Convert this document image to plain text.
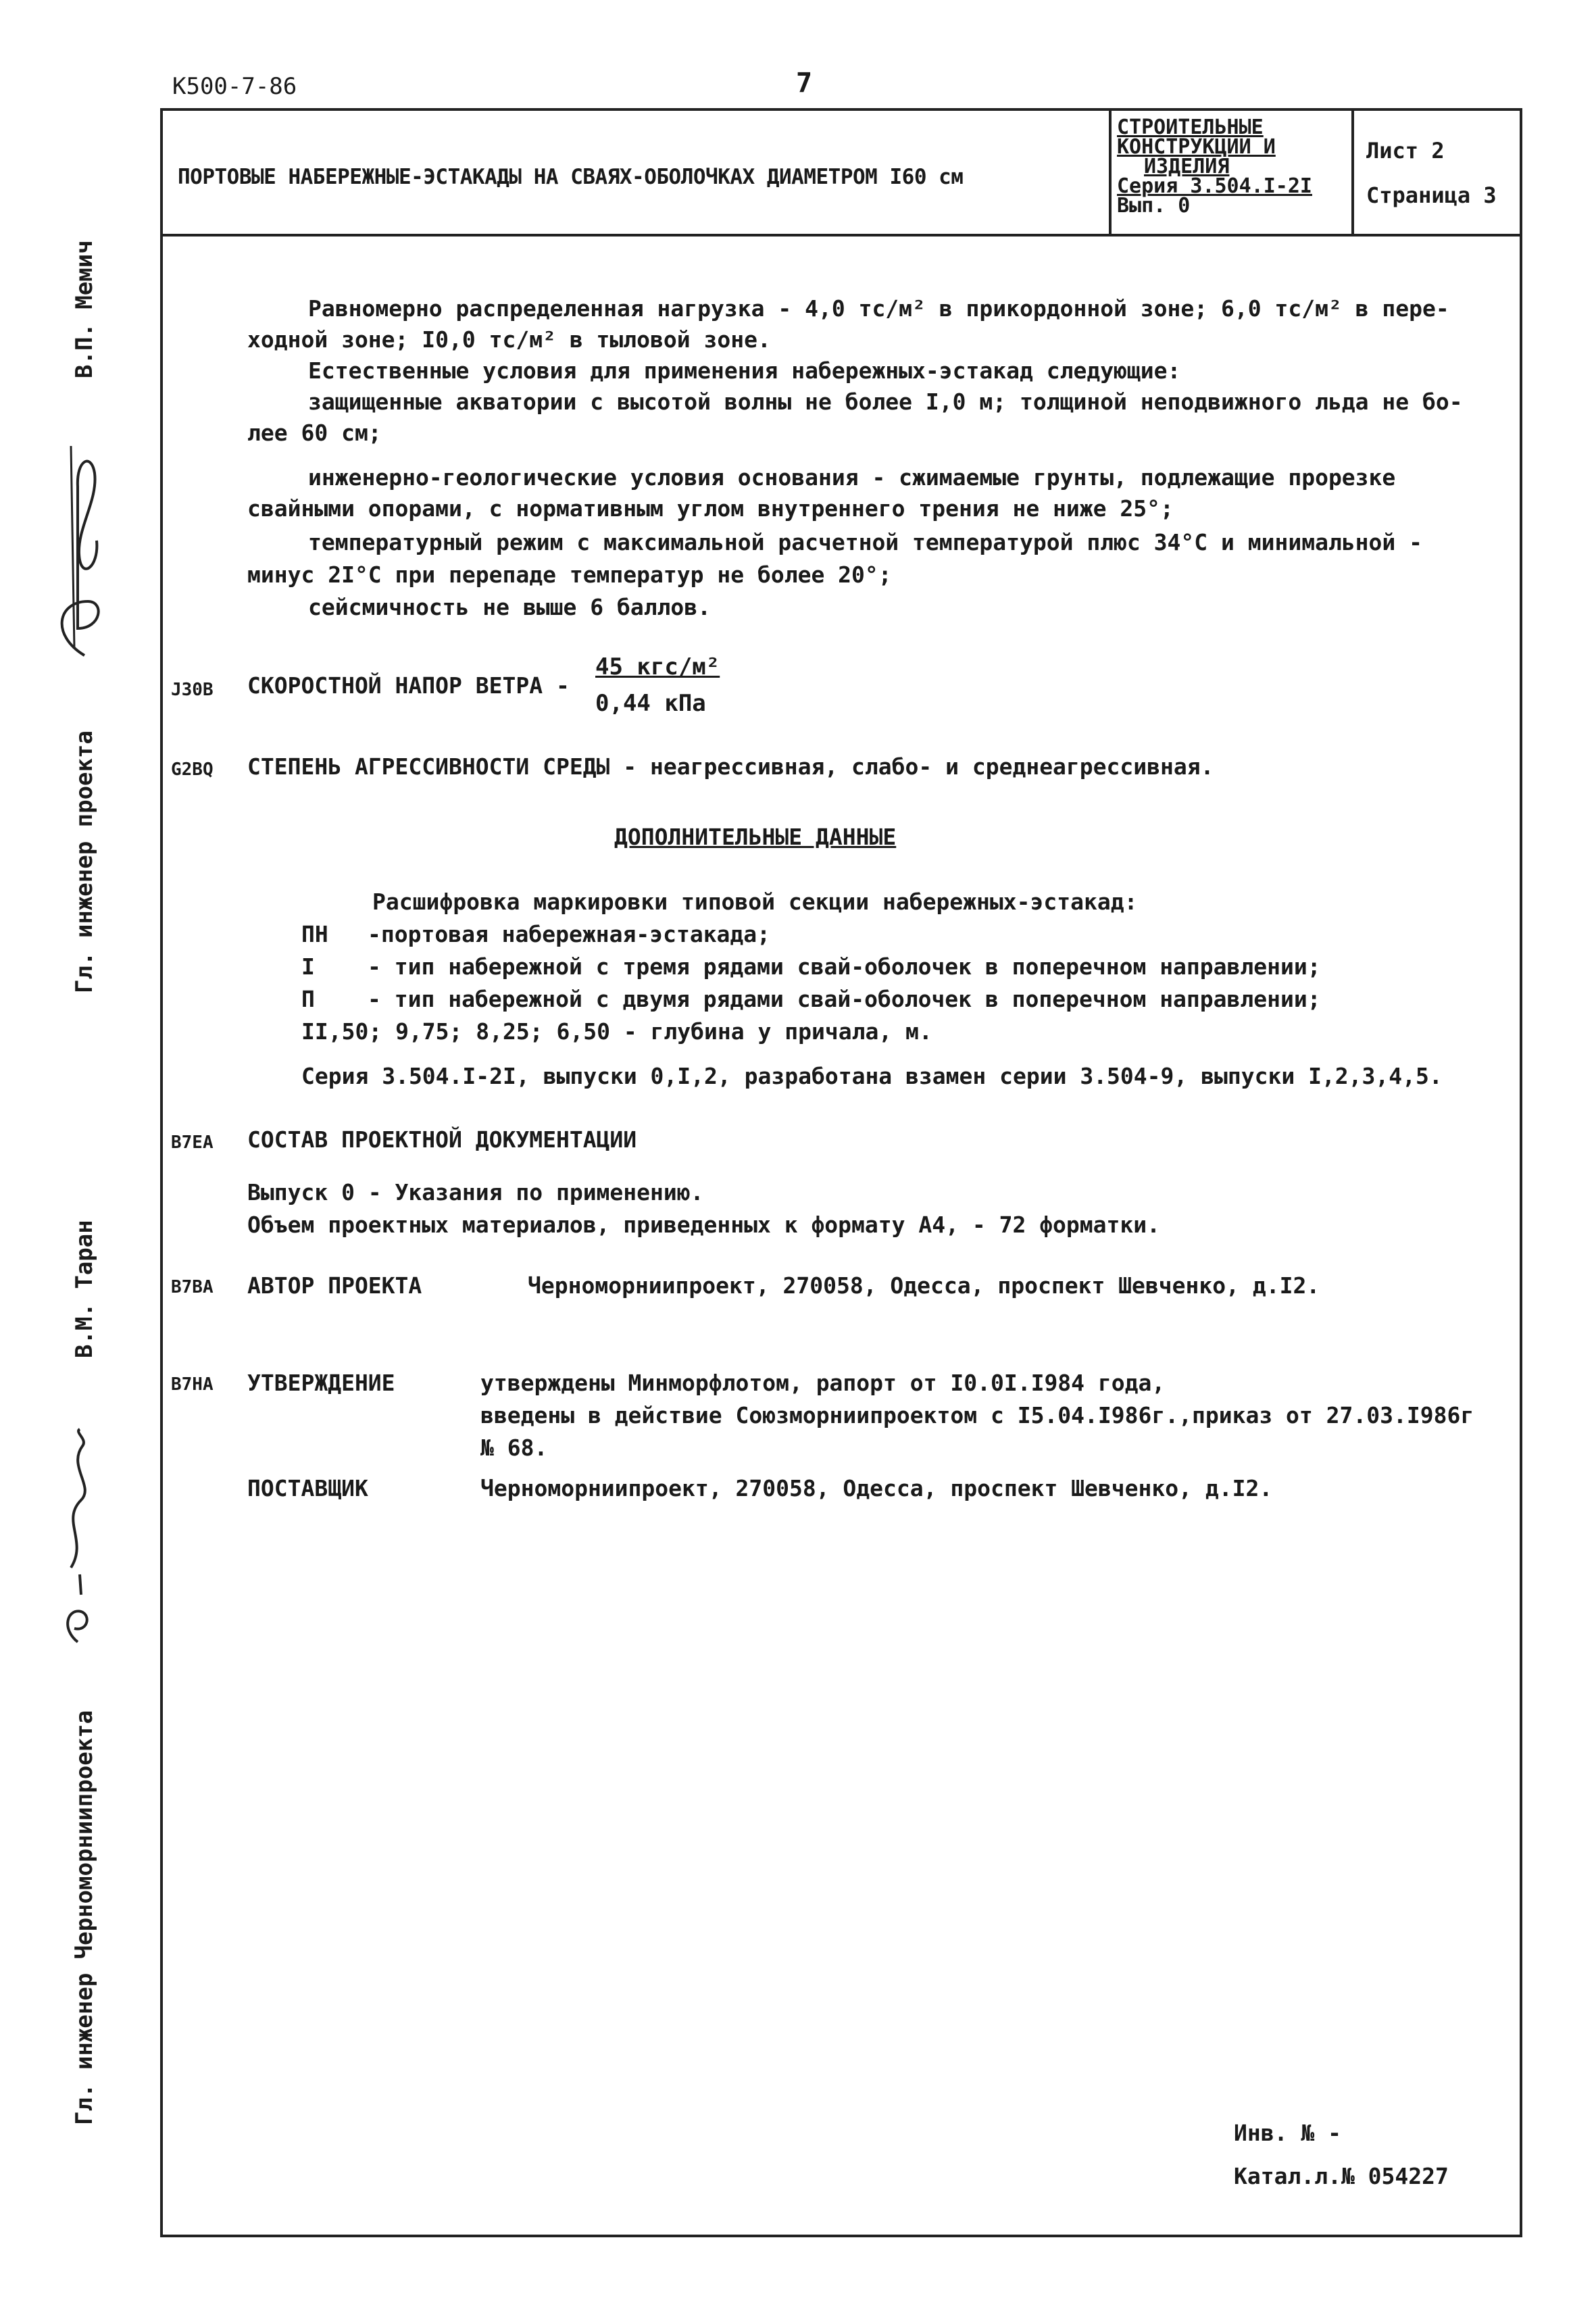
К500-7-86	7
В.П. Мемич
Гл. инженер проекта
В.М. Таран
Гл. инженер Черноморниипроекта
ПОРТОВЫЕ НАБЕРЕЖНЫЕ-ЭСТАКАДЫ НА СВАЯХ-ОБОЛОЧКАХ ДИАМЕТРОМ I60 см
СТРОИТЕЛЬНЫЕ
КОНСТРУКЦИИ И
ИЗДЕЛИЯ
Серия 3.504.I-2I
Вып. 0
Лист 2
Страница 3
Равномерно распределенная нагрузка - 4,0 тс/м² в прикордонной зоне; 6,0 тс/м² в пере-
ходной зоне; I0,0 тс/м² в тыловой зоне.
Естественные условия для применения набережных-эстакад следующие:
защищенные акватории с высотой волны не более I,0 м; толщиной неподвижного льда не бо-
лее 60 см;
инженерно-геологические условия основания - сжимаемые грунты, подлежащие прорезке
свайными опорами, с нормативным углом внутреннего трения не ниже 25°;
температурный режим с максимальной расчетной температурой плюс 34°С и минимальной -
минус 2I°С при перепаде температур не более 20°;
сейсмичность не выше 6 баллов.
J30B СКОРОСТНОЙ НАПОР ВЕТРА -
45 кгс/м²
0,44 кПа
G2BQ СТЕПЕНЬ АГРЕССИВНОСТИ СРЕДЫ - неагрессивная, слабо- и среднеагрессивная.
ДОПОЛНИТЕЛЬНЫЕ ДАННЫЕ
Расшифровка маркировки типовой секции набережных-эстакад:
ПН -портовая набережная-эстакада;
I - тип набережной с тремя рядами свай-оболочек в поперечном направлении;
П - тип набережной с двумя рядами свай-оболочек в поперечном направлении;
II,50; 9,75; 8,25; 6,50 - глубина у причала, м.
Серия 3.504.I-2I, выпуски 0,I,2, разработана взамен серии 3.504-9, выпуски I,2,3,4,5.
B7EA СОСТАВ ПРОЕКТНОЙ ДОКУМЕНТАЦИИ
Выпуск 0 - Указания по применению.
Объем проектных материалов, приведенных к формату А4, - 72 форматки.
B7BA АВТОР ПРОЕКТА	Черноморниипроект, 270058, Одесса, проспект Шевченко, д.I2.
B7HA УТВЕРЖДЕНИЕ	утверждены Минморфлотом, рапорт от I0.0I.I984 года,
введены в действие Союзморниипроектом с I5.04.I986г.,приказ от 27.03.I986г
№ 68.
ПОСТАВЩИК	Черноморниипроект, 270058, Одесса, проспект Шевченко, д.I2.
Инв. № -
Катал.л.№ 054227
